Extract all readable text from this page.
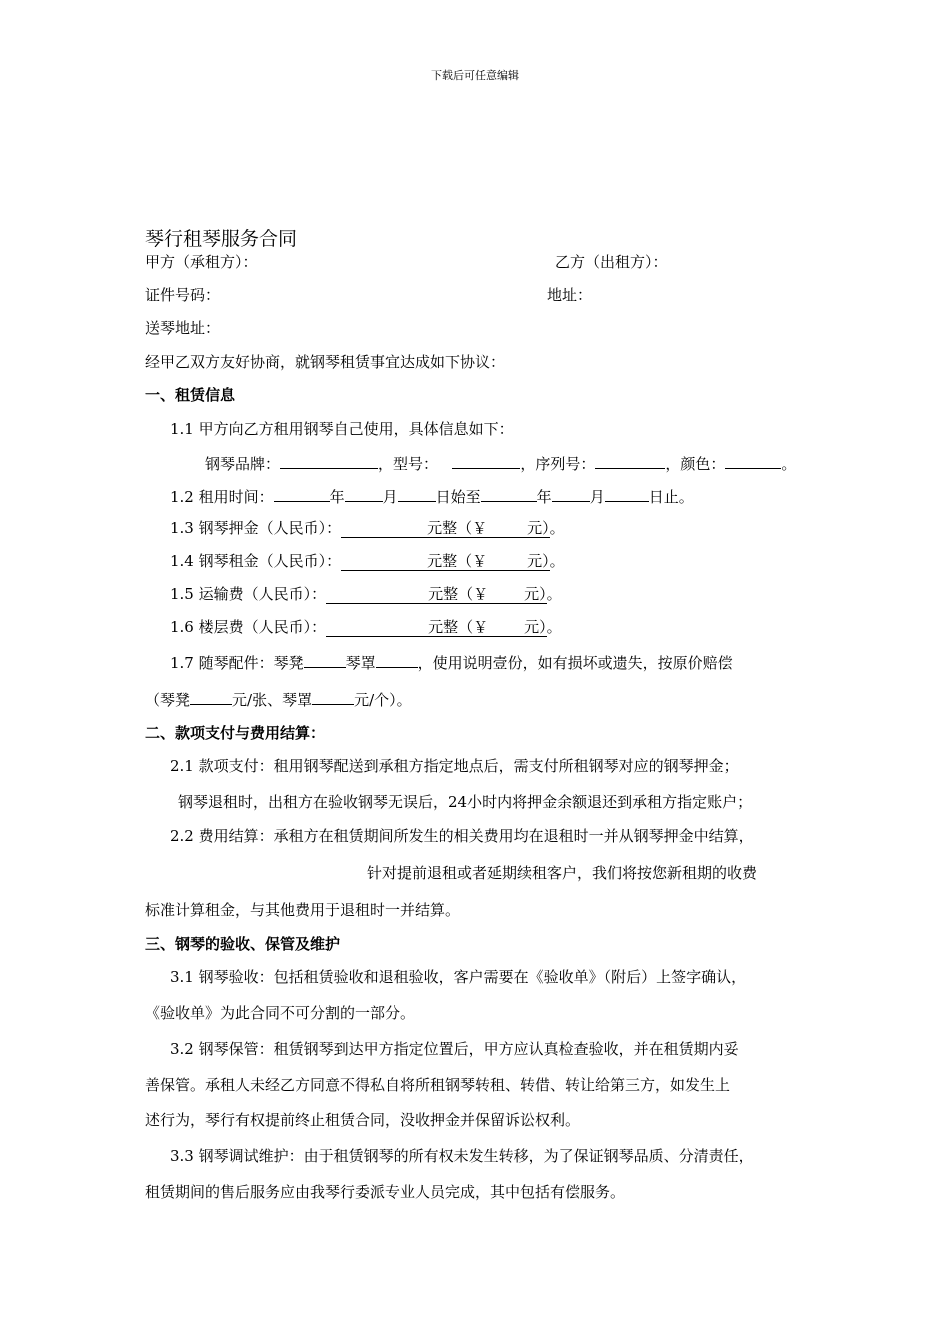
下载后可任意编辑
琴行租琴服务合同
甲方（承租方）：	乙方（出租方）：
证件号码：	地址：
送琴地址：
经甲乙双方友好协商，就钢琴租赁事宜达成如下协议：
一、租赁信息
1.1 甲方向乙方租用钢琴自己使用，具体信息如下：
钢琴品牌：	，型号：	，序列号：	，颜色：	。
1.2 租用时间：	年	月	日始至	年	月	日止。
1.3 钢琴押金（人民币）：	元整（￥	元）。
1.4 钢琴租金（人民币）：	元整（￥	元）。
1.5 运输费（人民币）：	元整（￥ 元）。
1.6 楼层费（人民币）：	元整（￥ 元）。
1.7 随琴配件：琴凳	琴罩	，使用说明壹份，如有损坏或遗失，按原价赔偿
（琴凳	元/张、琴罩	元/个）。
二、款项支付与费用结算：
2.1 款项支付：租用钢琴配送到承租方指定地点后，需支付所租钢琴对应的钢琴押金；
钢琴退租时，出租方在验收钢琴无误后，24小时内将押金余额退还到承租方指定账户；
2.2 费用结算：承租方在租赁期间所发生的相关费用均在退租时一并从钢琴押金中结算，
针对提前退租或者延期续租客户，我们将按您新租期的收费
标准计算租金，与其他费用于退租时一并结算。
三、钢琴的验收、保管及维护
3.1 钢琴验收：包括租赁验收和退租验收，客户需要在《验收单》（附后）上签字确认，
《验收单》为此合同不可分割的一部分。
3.2 钢琴保管：租赁钢琴到达甲方指定位置后，甲方应认真检查验收，并在租赁期内妥
善保管。承租人未经乙方同意不得私自将所租钢琴转租、转借、转让给第三方，如发生上
述行为，琴行有权提前终止租赁合同，没收押金并保留诉讼权利。
3.3 钢琴调试维护：由于租赁钢琴的所有权未发生转移，为了保证钢琴品质、分清责任，
租赁期间的售后服务应由我琴行委派专业人员完成，其中包括有偿服务。
